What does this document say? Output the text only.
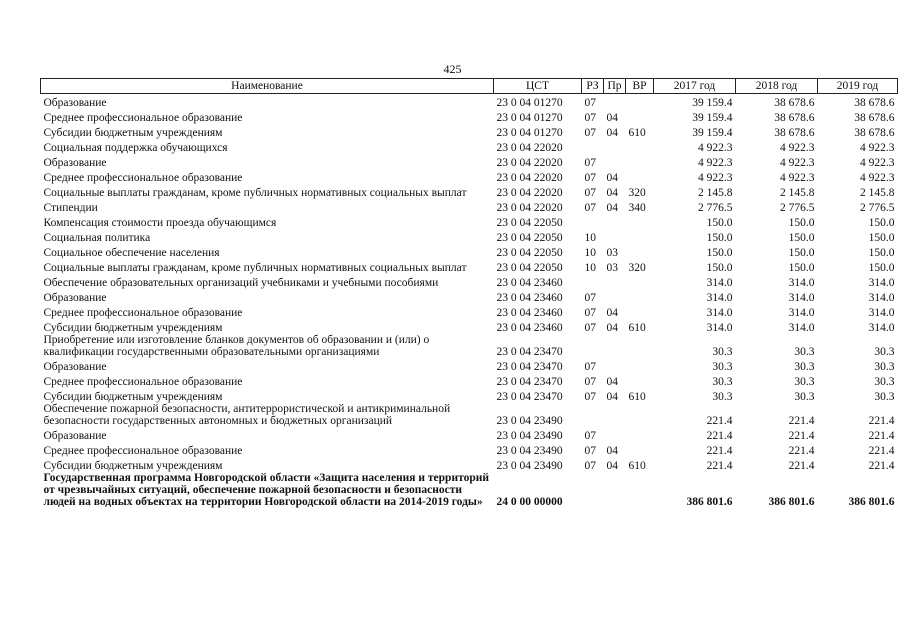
425
Наименование	ЦСТ	РЗ	Пр	ВР	2017 год	2018 год	2019 год
Образование	23 0 04 01270	07			39 159.4	38 678.6	38 678.6
Среднее профессиональное образование	23 0 04 01270	07	04		39 159.4	38 678.6	38 678.6
Субсидии бюджетным учреждениям	23 0 04 01270	07	04	610	39 159.4	38 678.6	38 678.6
Социальная поддержка обучающихся	23 0 04 22020				4 922.3	4 922.3	4 922.3
Образование	23 0 04 22020	07			4 922.3	4 922.3	4 922.3
Среднее профессиональное образование	23 0 04 22020	07	04		4 922.3	4 922.3	4 922.3
Социальные выплаты гражданам, кроме публичных нормативных социальных выплат	23 0 04 22020	07	04	320	2 145.8	2 145.8	2 145.8
Стипендии	23 0 04 22020	07	04	340	2 776.5	2 776.5	2 776.5
Компенсация стоимости проезда обучающимся	23 0 04 22050				150.0	150.0	150.0
Социальная политика	23 0 04 22050	10			150.0	150.0	150.0
Социальное обеспечение населения	23 0 04 22050	10	03		150.0	150.0	150.0
Социальные выплаты гражданам, кроме публичных нормативных социальных выплат	23 0 04 22050	10	03	320	150.0	150.0	150.0
Обеспечение образовательных организаций учебниками и учебными пособиями	23 0 04 23460				314.0	314.0	314.0
Образование	23 0 04 23460	07			314.0	314.0	314.0
Среднее профессиональное образование	23 0 04 23460	07	04		314.0	314.0	314.0
Субсидии бюджетным учреждениям	23 0 04 23460	07	04	610	314.0	314.0	314.0
Приобретение или изготовление бланков документов об образовании и (или) о квалификации государственными образовательными организациями	23 0 04 23470				30.3	30.3	30.3
Образование	23 0 04 23470	07			30.3	30.3	30.3
Среднее профессиональное образование	23 0 04 23470	07	04		30.3	30.3	30.3
Субсидии бюджетным учреждениям	23 0 04 23470	07	04	610	30.3	30.3	30.3
Обеспечение пожарной безопасности, антитеррористической и антикриминальной безопасности государственных автономных и бюджетных организаций	23 0 04 23490				221.4	221.4	221.4
Образование	23 0 04 23490	07			221.4	221.4	221.4
Среднее профессиональное образование	23 0 04 23490	07	04		221.4	221.4	221.4
Субсидии бюджетным учреждениям	23 0 04 23490	07	04	610	221.4	221.4	221.4
Государственная программа Новгородской области «Защита населения и территорий от чрезвычайных ситуаций, обеспечение пожарной безопасности и безопасности людей на водных объектах на территории Новгородской области на 2014-2019 годы»	24 0 00 00000				386 801.6	386 801.6	386 801.6
